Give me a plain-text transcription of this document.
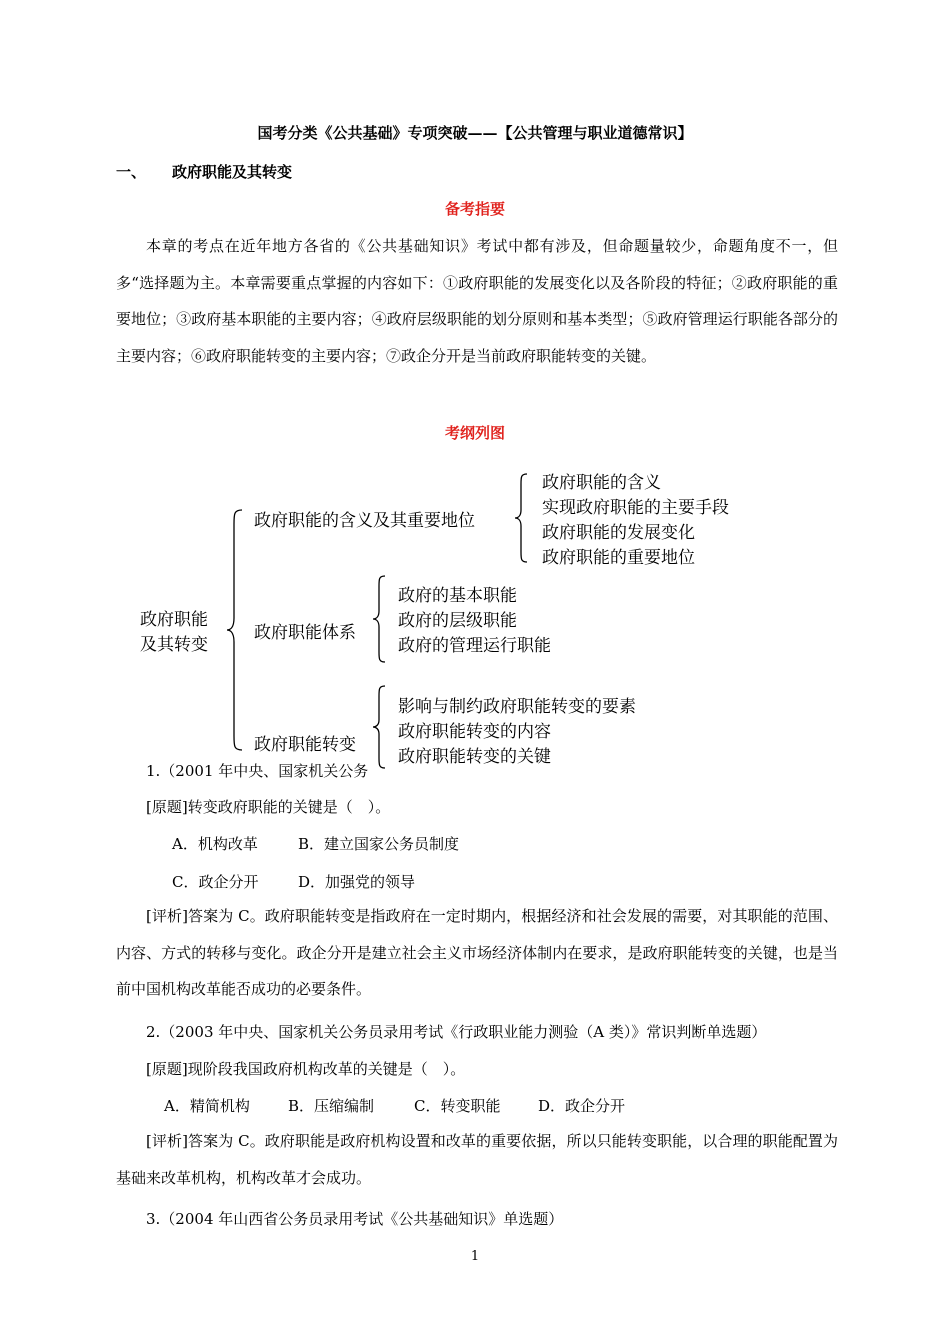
国考分类《公共基础》专项突破——【公共管理与职业道德常识】
一、 政府职能及其转变
备考指要

本章的考点在近年地方各省的《公共基础知识》考试中都有涉及，但命题量较少，命题角度不一，但多“选择题为主。本章需要重点掌握的内容如下：①政府职能的发展变化以及各阶段的特征；②政府职能的重要地位；③政府基本职能的主要内容；④政府层级职能的划分原则和基本类型；⑤政府管理运行职能各部分的主要内容；⑥政府职能转变的主要内容；⑦政企分开是当前政府职能转变的关键。

考纲列图
政府职能
及其转变
政府职能的含义及其重要地位
政府职能的含义
实现政府职能的主要手段
政府职能的发展变化
政府职能的重要地位
政府职能体系
政府的基本职能
政府的层级职能
政府的管理运行职能
政府职能转变
影响与制约政府职能转变的要素
政府职能转变的内容
政府职能转变的关键
1.（2001 年中央、国家机关公务
[原题]转变政府职能的关键是（　）。
A．机构改革	B．建立国家公务员制度
C．政企分开	D．加强党的领导

[评析]答案为 C。政府职能转变是指政府在一定时期内，根据经济和社会发展的需要，对其职能的范围、内容、方式的转移与变化。政企分开是建立社会主义市场经济体制内在要求，是政府职能转变的关键，也是当前中国机构改革能否成功的必要条件。

2.（2003 年中央、国家机关公务员录用考试《行政职业能力测验（A 类）》常识判断单选题）
[原题]现阶段我国政府机构改革的关键是（　）。
A．精简机构	B．压缩编制	C．转变职能	D．政企分开

[评析]答案为 C。政府职能是政府机构设置和改革的重要依据，所以只能转变职能，以合理的职能配置为基础来改革机构，机构改革才会成功。

3.（2004 年山西省公务员录用考试《公共基础知识》单选题）
1
